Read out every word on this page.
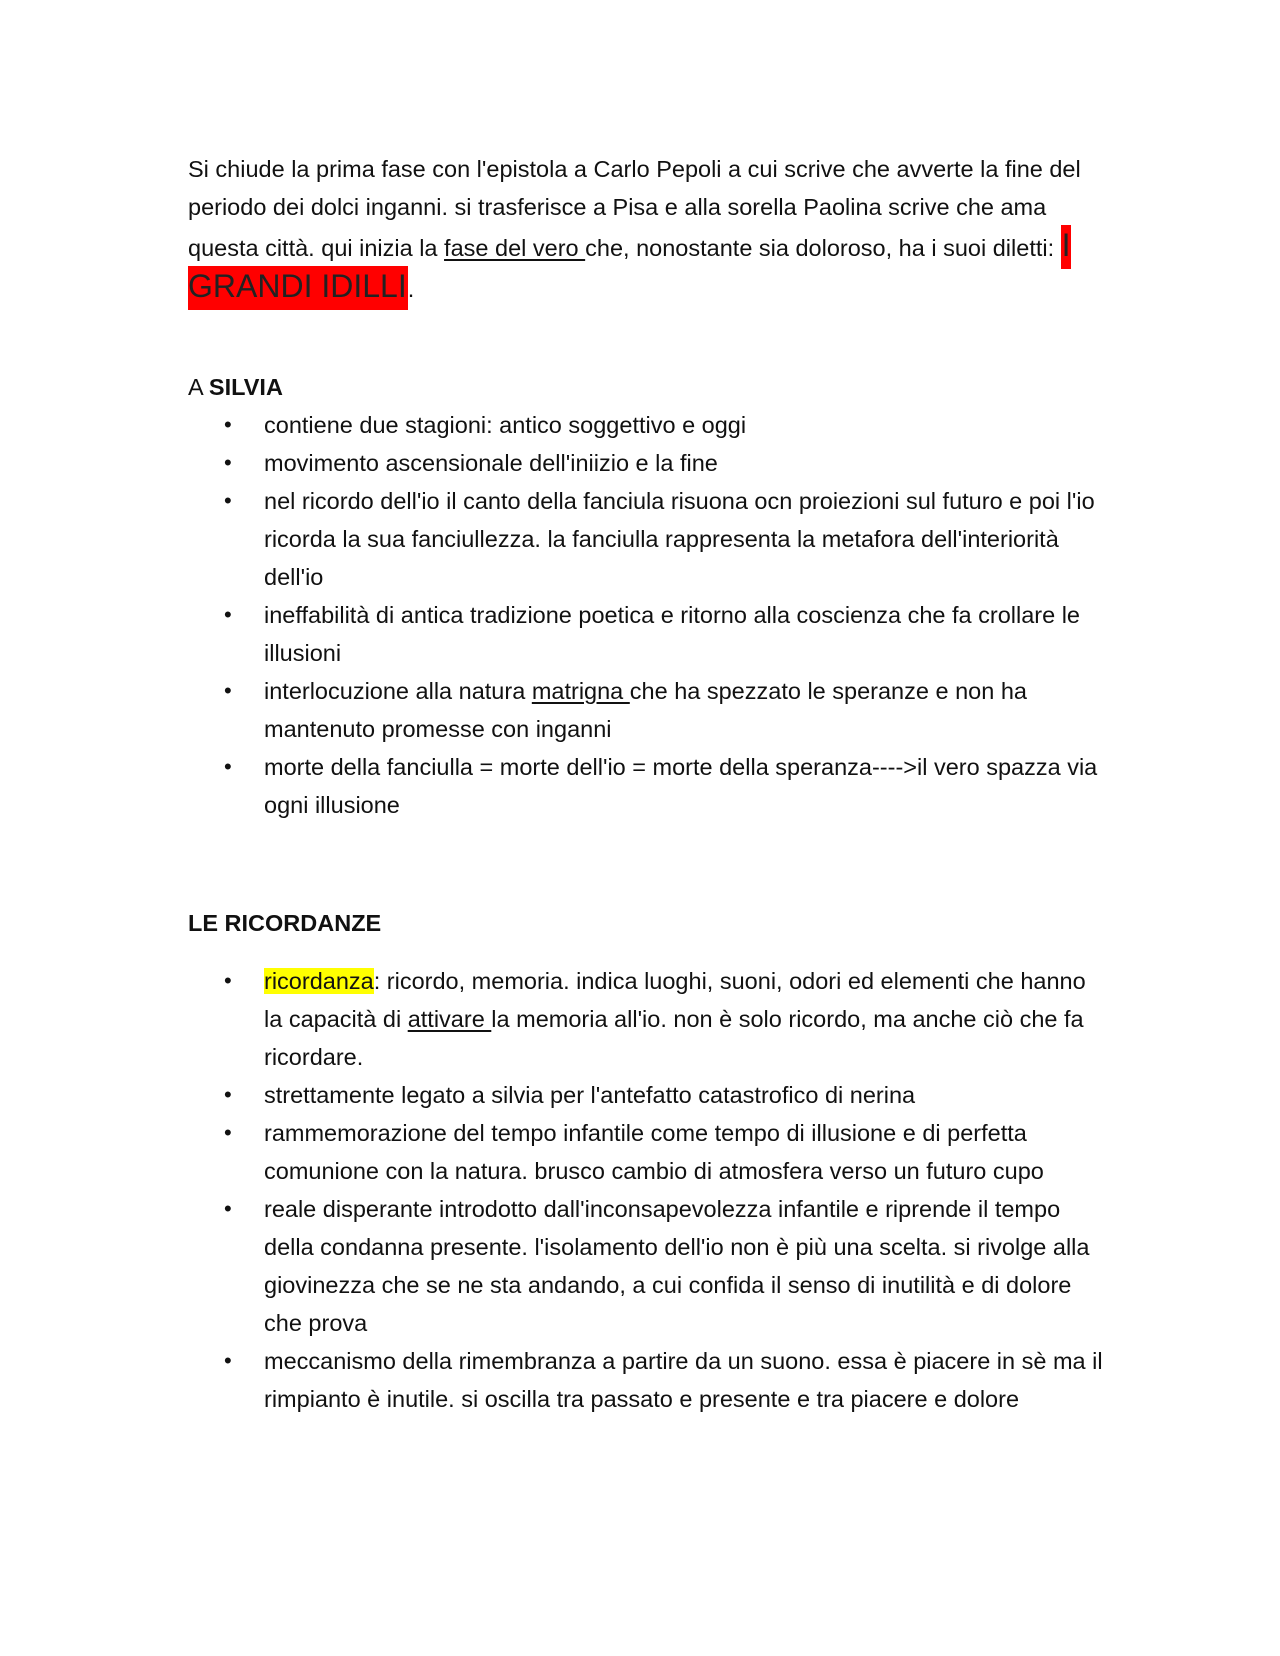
Si chiude la prima fase con l'epistola a Carlo Pepoli a cui scrive che avverte la fine del periodo dei dolci inganni. si trasferisce a Pisa e alla sorella Paolina scrive che ama questa città. qui inizia la fase del vero che, nonostante sia doloroso, ha i suoi diletti: I GRANDI IDILLI.

A SILVIA

• contiene due stagioni: antico soggettivo e oggi
• movimento ascensionale dell'iniizio e la fine
• nel ricordo dell'io il canto della fanciula risuona ocn proiezioni sul futuro e poi l'io ricorda la sua fanciullezza. la fanciulla rappresenta la metafora dell'interiorità dell'io
• ineffabilità di antica tradizione poetica e ritorno alla coscienza che fa crollare le illusioni
• interlocuzione alla natura matrigna che ha spezzato le speranze e non ha mantenuto promesse con inganni
• morte della fanciulla = morte dell'io = morte della speranza---->il vero spazza via ogni illusione

LE RICORDANZE

• ricordanza: ricordo, memoria. indica luoghi, suoni, odori ed elementi che hanno la capacità di attivare la memoria all'io. non è solo ricordo, ma anche ciò che fa ricordare.
• strettamente legato a silvia per l'antefatto catastrofico di nerina
• rammemorazione del tempo infantile come tempo di illusione e di perfetta comunione con la natura. brusco cambio di atmosfera verso un futuro cupo
• reale disperante introdotto dall'inconsapevolezza infantile e riprende il tempo della condanna presente. l'isolamento dell'io non è più una scelta. si rivolge alla giovinezza che se ne sta andando, a cui confida il senso di inutilità e di dolore che prova
• meccanismo della rimembranza a partire da un suono. essa è piacere in sè ma il rimpianto è inutile. si oscilla tra passato e presente e tra piacere e dolore
